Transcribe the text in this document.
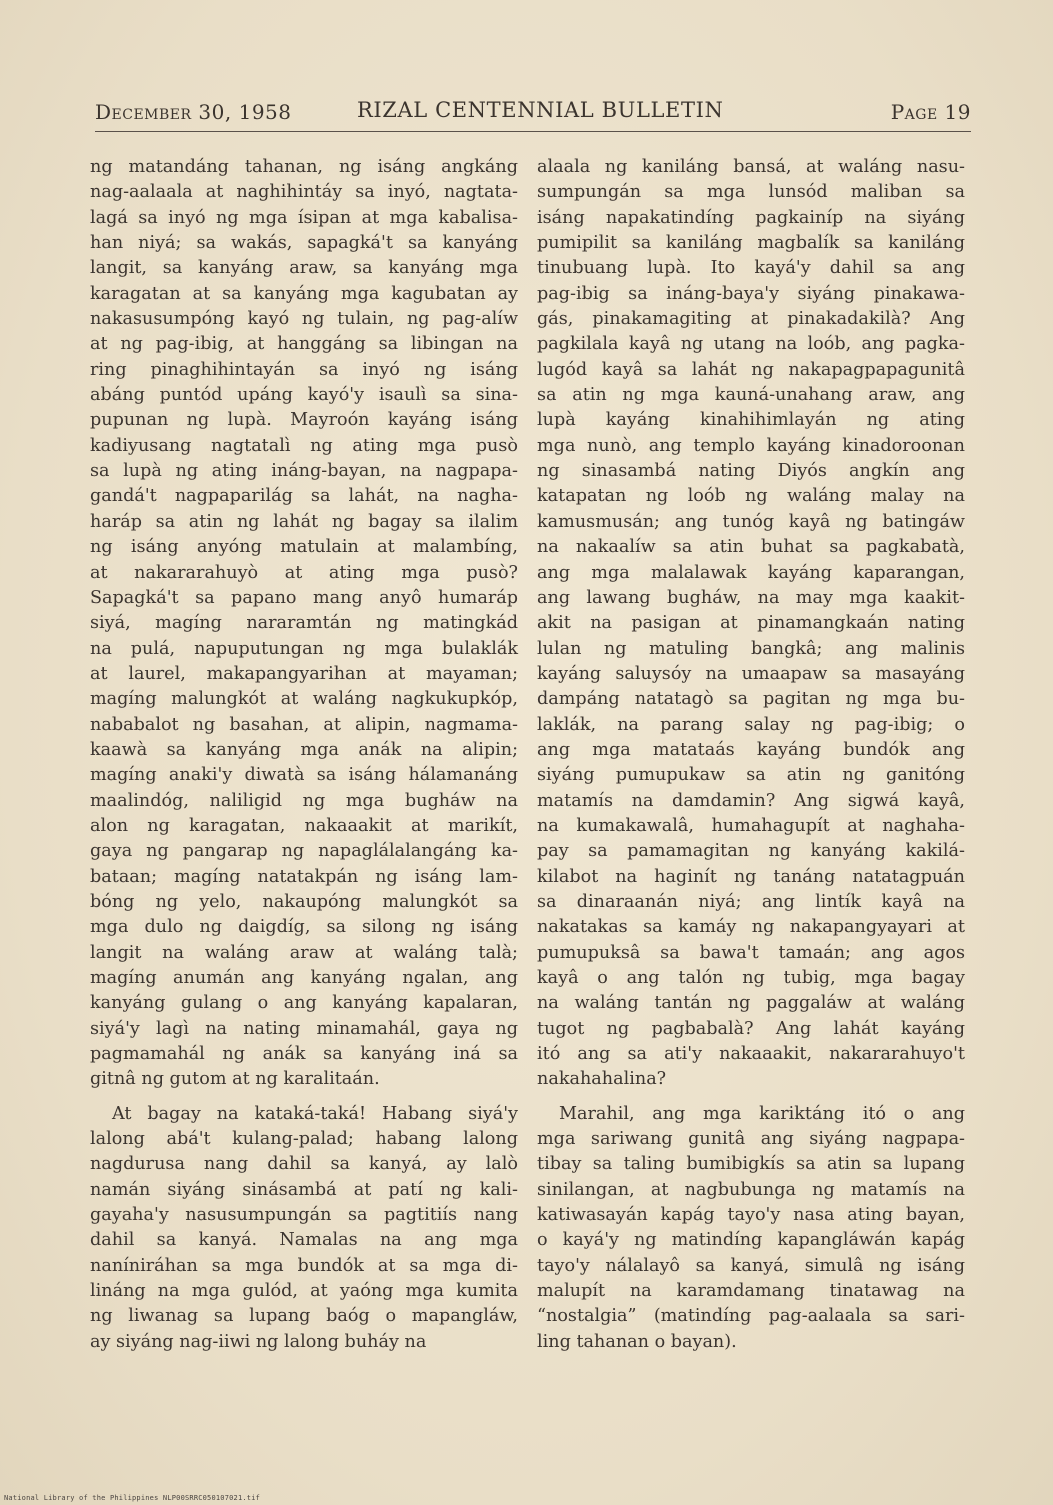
December 30, 1958	RIZAL CENTENNIAL BULLETIN	Page 19
ng matandáng tahanan, ng isáng angkáng
nag-aalaala at naghihintáy sa inyó, nagtata-
lagá sa inyó ng mga ísipan at mga kabalisa-
han niyá; sa wakás, sapagká't sa kanyáng
langit, sa kanyáng araw, sa kanyáng mga
karagatan at sa kanyáng mga kagubatan ay
nakasusumpóng kayó ng tulain, ng pag-alíw
at ng pag-ibig, at hanggáng sa libingan na
ring pinaghihintayán sa inyó ng isáng
abáng puntód upáng kayó'y isaulì sa sina-
pupunan ng lupà. Mayroón kayáng isáng
kadiyusang nagtatalì ng ating mga pusò
sa lupà ng ating ináng-bayan, na nagpapa-
gandá't nagpaparilág sa lahát, na nagha-
haráp sa atin ng lahát ng bagay sa ilalim
ng isáng anyóng matulain at malambíng,
at nakararahuyò at ating mga pusò?
Sapagká't sa papano mang anyô humaráp
siyá, magíng nararamtán ng matingkád
na pulá, napuputungan ng mga bulaklák
at laurel, makapangyarihan at mayaman;
magíng malungkót at waláng nagkukupkóp,
nababalot ng basahan, at alipin, nagmama-
kaawà sa kanyáng mga anák na alipin;
magíng anaki'y diwatà sa isáng hálamanáng
maalindóg, naliligid ng mga bugháw na
alon ng karagatan, nakaaakit at marikít,
gaya ng pangarap ng napaglálalangáng ka-
bataan; magíng natatakpán ng isáng lam-
bóng ng yelo, nakaupóng malungkót sa
mga dulo ng daigdíg, sa silong ng isáng
langit na waláng araw at waláng talà;
magíng anumán ang kanyáng ngalan, ang
kanyáng gulang o ang kanyáng kapalaran,
siyá'y lagì na nating minamahál, gaya ng
pagmamahál ng anák sa kanyáng iná sa
gitnâ ng gutom at ng karalitaán.
At bagay na kataká-taká! Habang siyá'y
lalong abá't kulang-palad; habang lalong
nagdurusa nang dahil sa kanyá, ay lalò
namán siyáng sinásambá at patí ng kali-
gayaha'y nasusumpungán sa pagtitiís nang
dahil sa kanyá. Namalas na ang mga
naníniráhan sa mga bundók at sa mga di-
lináng na mga gulód, at yaóng mga kumita
ng liwanag sa lupang baóg o mapangláw,
ay siyáng nag-iiwi ng lalong buháy na
alaala ng kaniláng bansá, at waláng nasu-
sumpungán sa mga lunsód maliban sa
isáng napakatindíng pagkainíp na siyáng
pumipilit sa kaniláng magbalík sa kaniláng
tinubuang lupà. Ito kayá'y dahil sa ang
pag-ibig sa ináng-baya'y siyáng pinakawa-
gás, pinakamagiting at pinakadakilà? Ang
pagkilala kayâ ng utang na loób, ang pagka-
lugód kayâ sa lahát ng nakapagpapagunitâ
sa atin ng mga kauná-unahang araw, ang
lupà kayáng kinahihimlayán ng ating
mga nunò, ang templo kayáng kinadoroonan
ng sinasambá nating Diyós angkín ang
katapatan ng loób ng waláng malay na
kamusmusán; ang tunóg kayâ ng batingáw
na nakaalíw sa atin buhat sa pagkabatà,
ang mga malalawak kayáng kaparangan,
ang lawang bugháw, na may mga kaakit-
akit na pasigan at pinamangkaán nating
lulan ng matuling bangkâ; ang malinis
kayáng saluysóy na umaapaw sa masayáng
dampáng natatagò sa pagitan ng mga bu-
laklák, na parang salay ng pag-ibig; o
ang mga matataás kayáng bundók ang
siyáng pumupukaw sa atin ng ganitóng
matamís na damdamin? Ang sigwá kayâ,
na kumakawalâ, humahagupít at naghaha-
pay sa pamamagitan ng kanyáng kakilá-
kilabot na haginít ng tanáng natatagpuán
sa dinaraanán niyá; ang lintík kayâ na
nakatakas sa kamáy ng nakapangyayari at
pumupuksâ sa bawa't tamaán; ang agos
kayâ o ang talón ng tubig, mga bagay
na waláng tantán ng paggaláw at waláng
tugot ng pagbabalà? Ang lahát kayáng
itó ang sa ati'y nakaaakit, nakararahuyo't
nakahahalina?
Marahil, ang mga kariktáng itó o ang
mga sariwang gunitâ ang siyáng nagpapa-
tibay sa taling bumibigkís sa atin sa lupang
sinilangan, at nagbubunga ng matamís na
katiwasayán kapág tayo'y nasa ating bayan,
o kayá'y ng matindíng kapangláwán kapág
tayo'y nálalayô sa kanyá, simulâ ng isáng
malupít na karamdamang tinatawag na
“nostalgia” (matindíng pag-aalaala sa sari-
ling tahanan o bayan).
National Library of the Philippines NLP00SRRC050107021.tif
